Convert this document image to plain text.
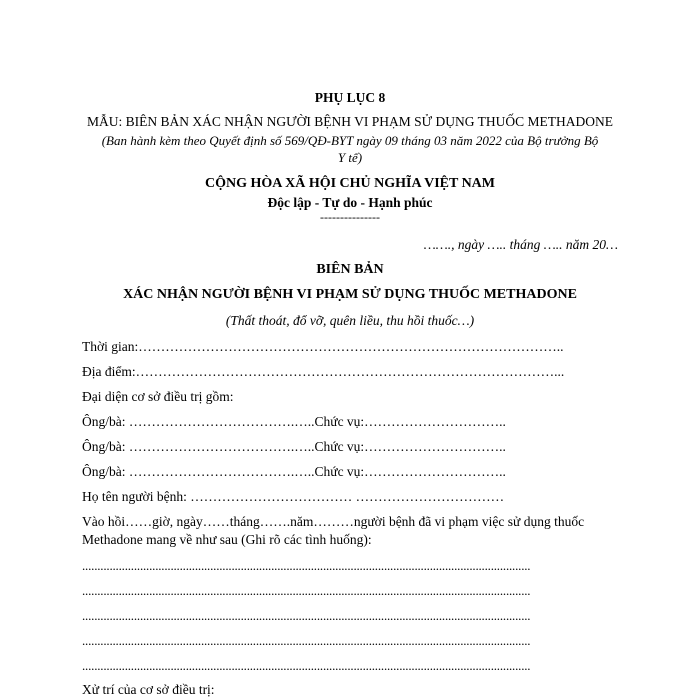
PHỤ LỤC 8
MẪU: BIÊN BẢN XÁC NHẬN NGƯỜI BỆNH VI PHẠM SỬ DỤNG THUỐC METHADONE
(Ban hành kèm theo Quyết định số 569/QĐ-BYT ngày 09 tháng 03 năm 2022 của Bộ trưởng Bộ
Y tế)
CỘNG HÒA XÃ HỘI CHỦ NGHĨA VIỆT NAM
Độc lập - Tự do - Hạnh phúc
---------------
……., ngày ….. tháng ….. năm 20…
BIÊN BẢN
XÁC NHẬN NGƯỜI BỆNH VI PHẠM SỬ DỤNG THUỐC METHADONE
(Thất thoát, đổ vỡ, quên liều, thu hồi thuốc…)
Thời gian:…………………………………………………………………………………..
Địa điểm:…………………………………………………………………………………...
Đại diện cơ sở điều trị gồm:
Ông/bà: ……………………………….…..Chức vụ:…………………………..
Ông/bà: ……………………………….…..Chức vụ:…………………………..
Ông/bà: ……………………………….…..Chức vụ:…………………………..
Họ tên người bệnh: ……………………………… ……………………………
Vào hồi……giờ, ngày……tháng…….năm………người bệnh đã vi phạm việc sử dụng thuốc
Methadone mang về như sau (Ghi rõ các tình huống):
...................................................................................................................................................
...................................................................................................................................................
...................................................................................................................................................
...................................................................................................................................................
...................................................................................................................................................
Xử trí của cơ sở điều trị:
